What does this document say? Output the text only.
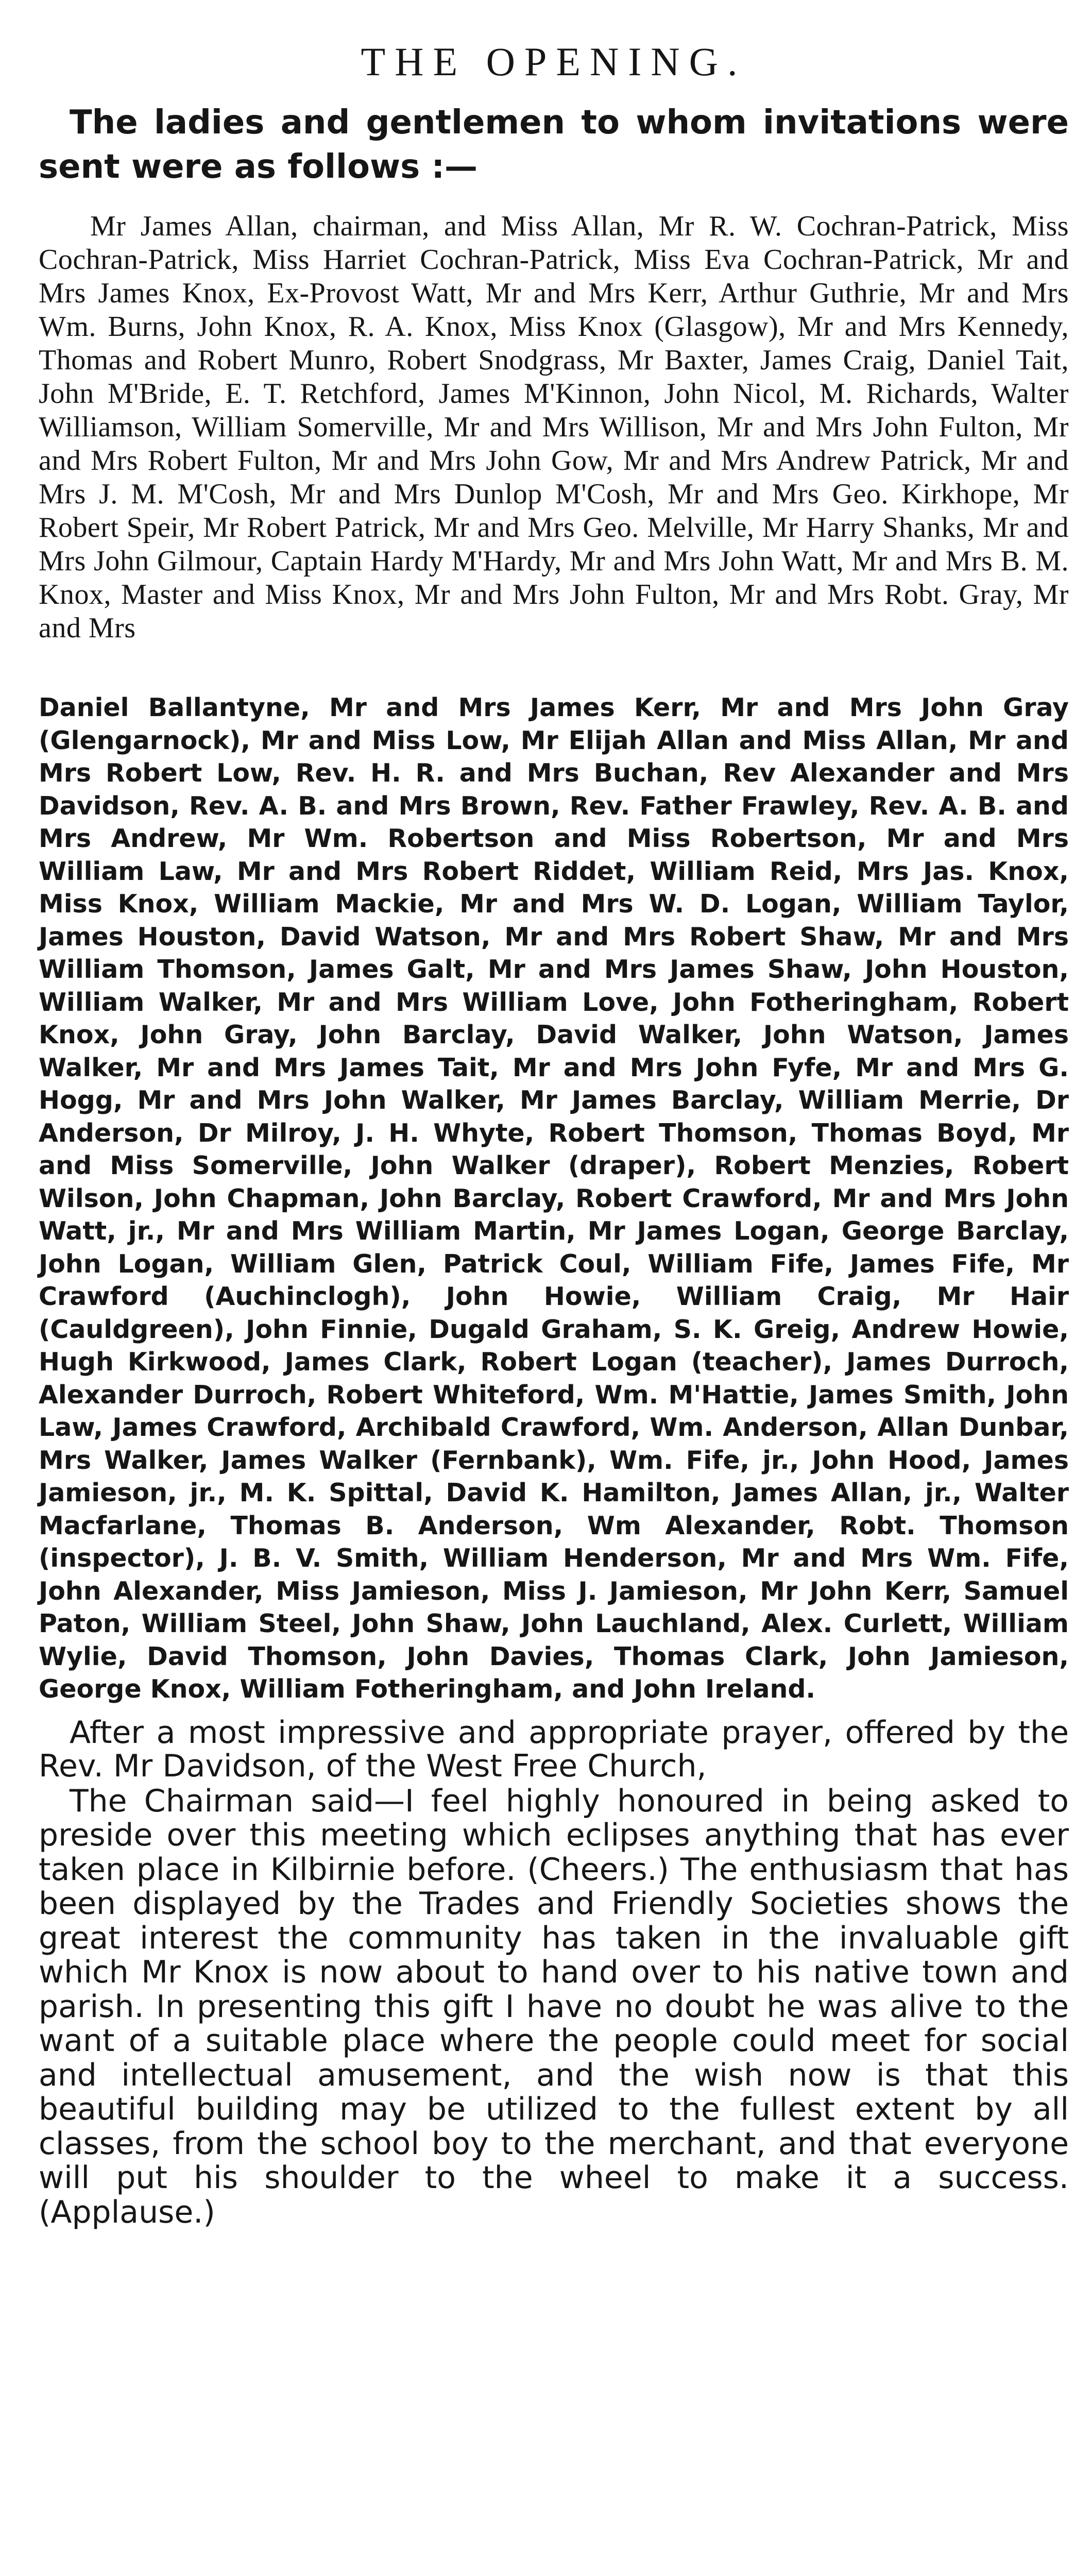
THE OPENING.

The ladies and gentlemen to whom invitations were sent were as follows :—

Mr James Allan, chairman, and Miss Allan, Mr R. W. Cochran-Patrick, Miss Cochran-Patrick, Miss Harriet Cochran-Patrick, Miss Eva Cochran-Patrick, Mr and Mrs James Knox, Ex-Provost Watt, Mr and Mrs Kerr, Arthur Guthrie, Mr and Mrs Wm. Burns, John Knox, R. A. Knox, Miss Knox (Glasgow), Mr and Mrs Kennedy, Thomas and Robert Munro, Robert Snodgrass, Mr Baxter, James Craig, Daniel Tait, John M'Bride, E. T. Retchford, James M'Kinnon, John Nicol, M. Richards, Walter Williamson, William Somerville, Mr and Mrs Willison, Mr and Mrs John Fulton, Mr and Mrs Robert Fulton, Mr and Mrs John Gow, Mr and Mrs Andrew Patrick, Mr and Mrs J. M. M'Cosh, Mr and Mrs Dunlop M'Cosh, Mr and Mrs Geo. Kirkhope, Mr Robert Speir, Mr Robert Patrick, Mr and Mrs Geo. Melville, Mr Harry Shanks, Mr and Mrs John Gilmour, Captain Hardy M'Hardy, Mr and Mrs John Watt, Mr and Mrs B. M. Knox, Master and Miss Knox, Mr and Mrs John Fulton, Mr and Mrs Robt. Gray, Mr and Mrs

Daniel Ballantyne, Mr and Mrs James Kerr, Mr and Mrs John Gray (Glengarnock), Mr and Miss Low, Mr Elijah Allan and Miss Allan, Mr and Mrs Robert Low, Rev. H. R. and Mrs Buchan, Rev Alexander and Mrs Davidson, Rev. A. B. and Mrs Brown, Rev. Father Frawley, Rev. A. B. and Mrs Andrew, Mr Wm. Robertson and Miss Robertson, Mr and Mrs William Law, Mr and Mrs Robert Riddet, William Reid, Mrs Jas. Knox, Miss Knox, William Mackie, Mr and Mrs W. D. Logan, William Taylor, James Houston, David Watson, Mr and Mrs Robert Shaw, Mr and Mrs William Thomson, James Galt, Mr and Mrs James Shaw, John Houston, William Walker, Mr and Mrs William Love, John Fotheringham, Robert Knox, John Gray, John Barclay, David Walker, John Watson, James Walker, Mr and Mrs James Tait, Mr and Mrs John Fyfe, Mr and Mrs G. Hogg, Mr and Mrs John Walker, Mr James Barclay, William Merrie, Dr Anderson, Dr Milroy, J. H. Whyte, Robert Thomson, Thomas Boyd, Mr and Miss Somerville, John Walker (draper), Robert Menzies, Robert Wilson, John Chapman, John Barclay, Robert Crawford, Mr and Mrs John Watt, jr., Mr and Mrs William Martin, Mr James Logan, George Barclay, John Logan, William Glen, Patrick Coul, William Fife, James Fife, Mr Crawford (Auchinclogh), John Howie, William Craig, Mr Hair (Cauldgreen), John Finnie, Dugald Graham, S. K. Greig, Andrew Howie, Hugh Kirkwood, James Clark, Robert Logan (teacher), James Durroch, Alexander Durroch, Robert Whiteford, Wm. M'Hattie, James Smith, John Law, James Crawford, Archibald Crawford, Wm. Anderson, Allan Dunbar, Mrs Walker, James Walker (Fernbank), Wm. Fife, jr., John Hood, James Jamieson, jr., M. K. Spittal, David K. Hamilton, James Allan, jr., Walter Macfarlane, Thomas B. Anderson, Wm Alexander, Robt. Thomson (inspector), J. B. V. Smith, William Henderson, Mr and Mrs Wm. Fife, John Alexander, Miss Jamieson, Miss J. Jamieson, Mr John Kerr, Samuel Paton, William Steel, John Shaw, John Lauchland, Alex. Curlett, William Wylie, David Thomson, John Davies, Thomas Clark, John Jamieson, George Knox, William Fotheringham, and John Ireland.

After a most impressive and appropriate prayer, offered by the Rev. Mr Davidson, of the West Free Church,

The Chairman said—I feel highly honoured in being asked to preside over this meeting which eclipses anything that has ever taken place in Kilbirnie before. (Cheers.) The enthusiasm that has been displayed by the Trades and Friendly Societies shows the great interest the community has taken in the invaluable gift which Mr Knox is now about to hand over to his native town and parish. In presenting this gift I have no doubt he was alive to the want of a suitable place where the people could meet for social and intellectual amusement, and the wish now is that this beautiful building may be utilized to the fullest extent by all classes, from the school boy to the merchant, and that everyone will put his shoulder to the wheel to make it a success. (Applause.)
